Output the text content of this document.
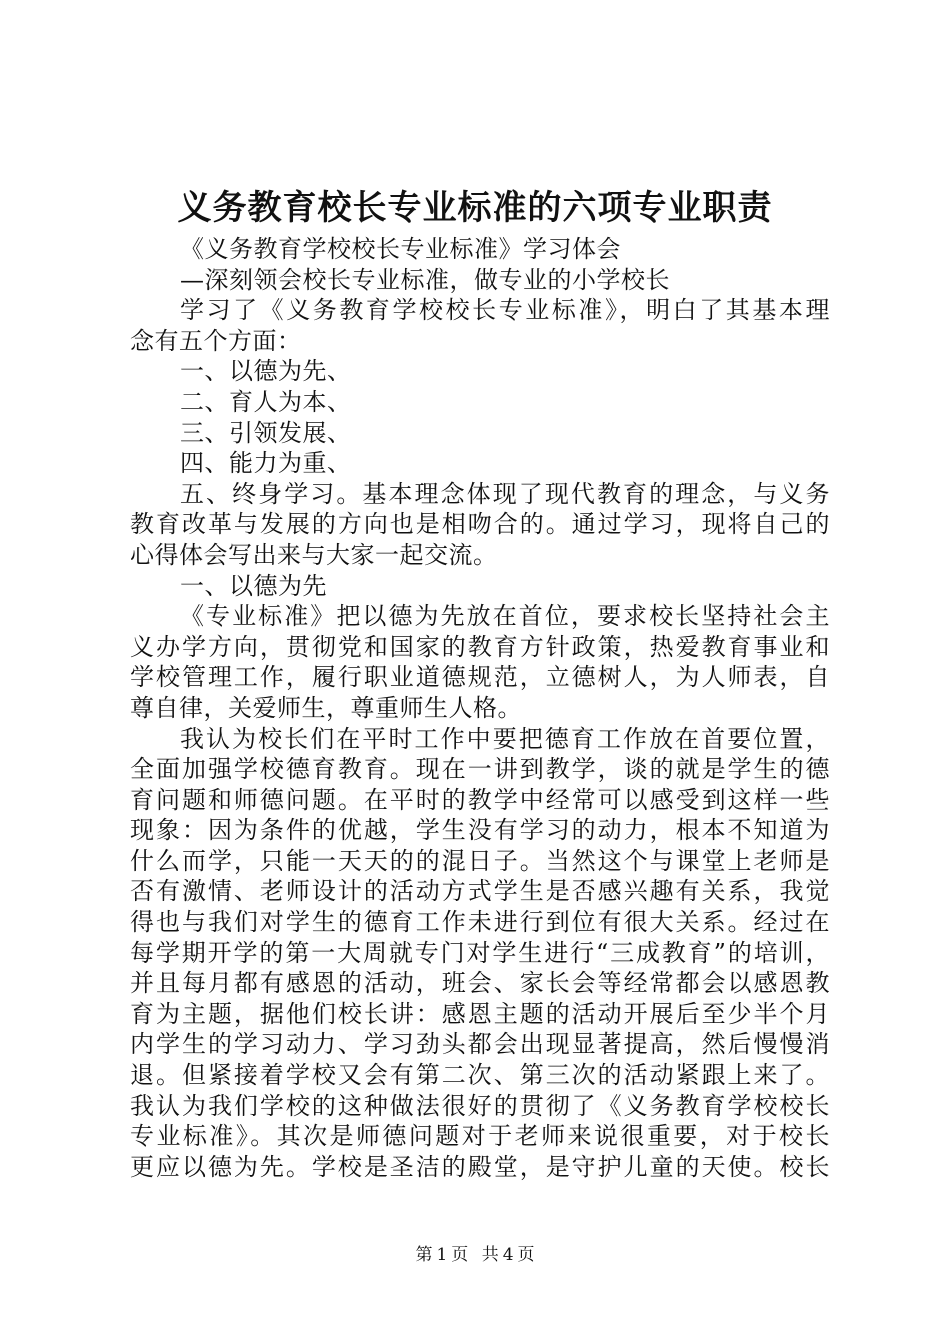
义务教育校长专业标准的六项专业职责
《义务教育学校校长专业标准》学习体会
—深刻领会校长专业标准，做专业的小学校长
学习了《义务教育学校校长专业标准》，明白了其基本理
念有五个方面：
一、以德为先、
二、育人为本、
三、引领发展、
四、能力为重、
五、终身学习。基本理念体现了现代教育的理念，与义务
教育改革与发展的方向也是相吻合的。通过学习，现将自己的
心得体会写出来与大家一起交流。
一、以德为先
《专业标准》把以德为先放在首位，要求校长坚持社会主
义办学方向，贯彻党和国家的教育方针政策，热爱教育事业和
学校管理工作，履行职业道德规范，立德树人，为人师表，自
尊自律，关爱师生，尊重师生人格。
我认为校长们在平时工作中要把德育工作放在首要位置，
全面加强学校德育教育。现在一讲到教学，谈的就是学生的德
育问题和师德问题。在平时的教学中经常可以感受到这样一些
现象：因为条件的优越，学生没有学习的动力，根本不知道为
什么而学，只能一天天的的混日子。当然这个与课堂上老师是
否有激情、老师设计的活动方式学生是否感兴趣有关系，我觉
得也与我们对学生的德育工作未进行到位有很大关系。经过在
每学期开学的第一大周就专门对学生进行“三成教育”的培训，
并且每月都有感恩的活动，班会、家长会等经常都会以感恩教
育为主题，据他们校长讲：感恩主题的活动开展后至少半个月
内学生的学习动力、学习劲头都会出现显著提高，然后慢慢消
退。但紧接着学校又会有第二次、第三次的活动紧跟上来了。
我认为我们学校的这种做法很好的贯彻了《义务教育学校校长
专业标准》。其次是师德问题对于老师来说很重要，对于校长
更应以德为先。学校是圣洁的殿堂，是守护儿童的天使。校长
第 1 页 共 4 页
